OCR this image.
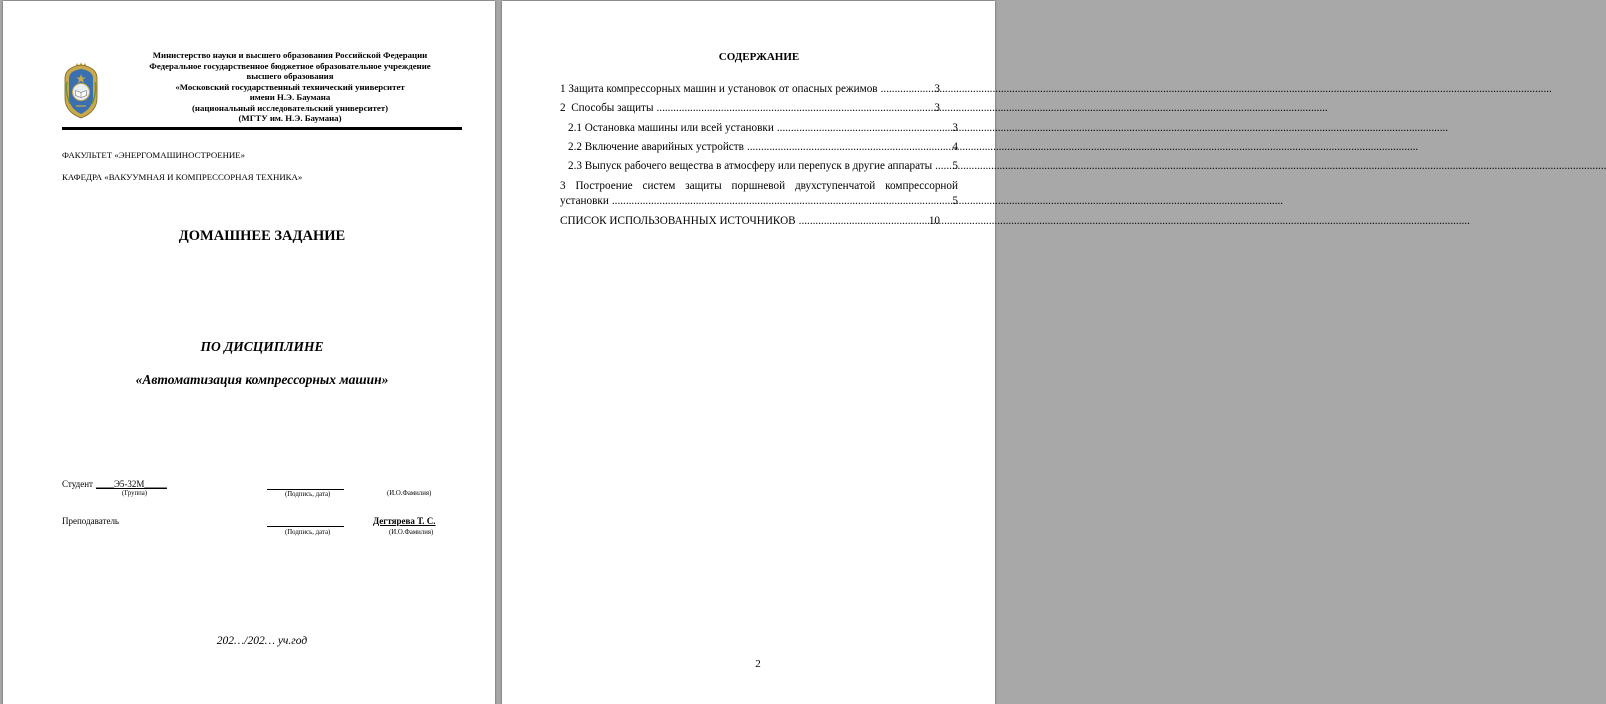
Министерство науки и высшего образования Российской Федерации
Федеральное государственное бюджетное образовательное учреждение
высшего образования
«Московский государственный технический университет
имени Н.Э. Баумана
(национальный исследовательский университет)
(МГТУ им. Н.Э. Баумана)
ФАКУЛЬТЕТ «ЭНЕРГОМАШИНОСТРОЕНИЕ»
КАФЕДРА «ВАКУУМНАЯ И КОМПРЕССОРНАЯ ТЕХНИКА»
ДОМАШНЕЕ ЗАДАНИЕ
ПО ДИСЦИПЛИНЕ
«Автоматизация компрессорных машин»
Студент ____Э5-32М_____
(Группа)	(Подпись, дата)	(И.О.Фамилия)
Преподаватель
(Подпись, дата)
Дегтярева Т. С.
(И.О.Фамилия)
202…/202… уч.год
СОДЕРЖАНИЕ
1 Защита компрессорных машин и установок от опасных режимов .....	3
2  Способы защиты .....	3
2.1 Остановка машины или всей установки .....	3
2.2 Включение аварийных устройств .....	4
2.3 Выпуск рабочего вещества в атмосферу или перепуск в другие аппараты ..... 5
3 Построение систем защиты поршневой двухступенчатой компрессорной
установки .....	5
СПИСОК ИСПОЛЬЗОВАННЫХ ИСТОЧНИКОВ .....	10
2
